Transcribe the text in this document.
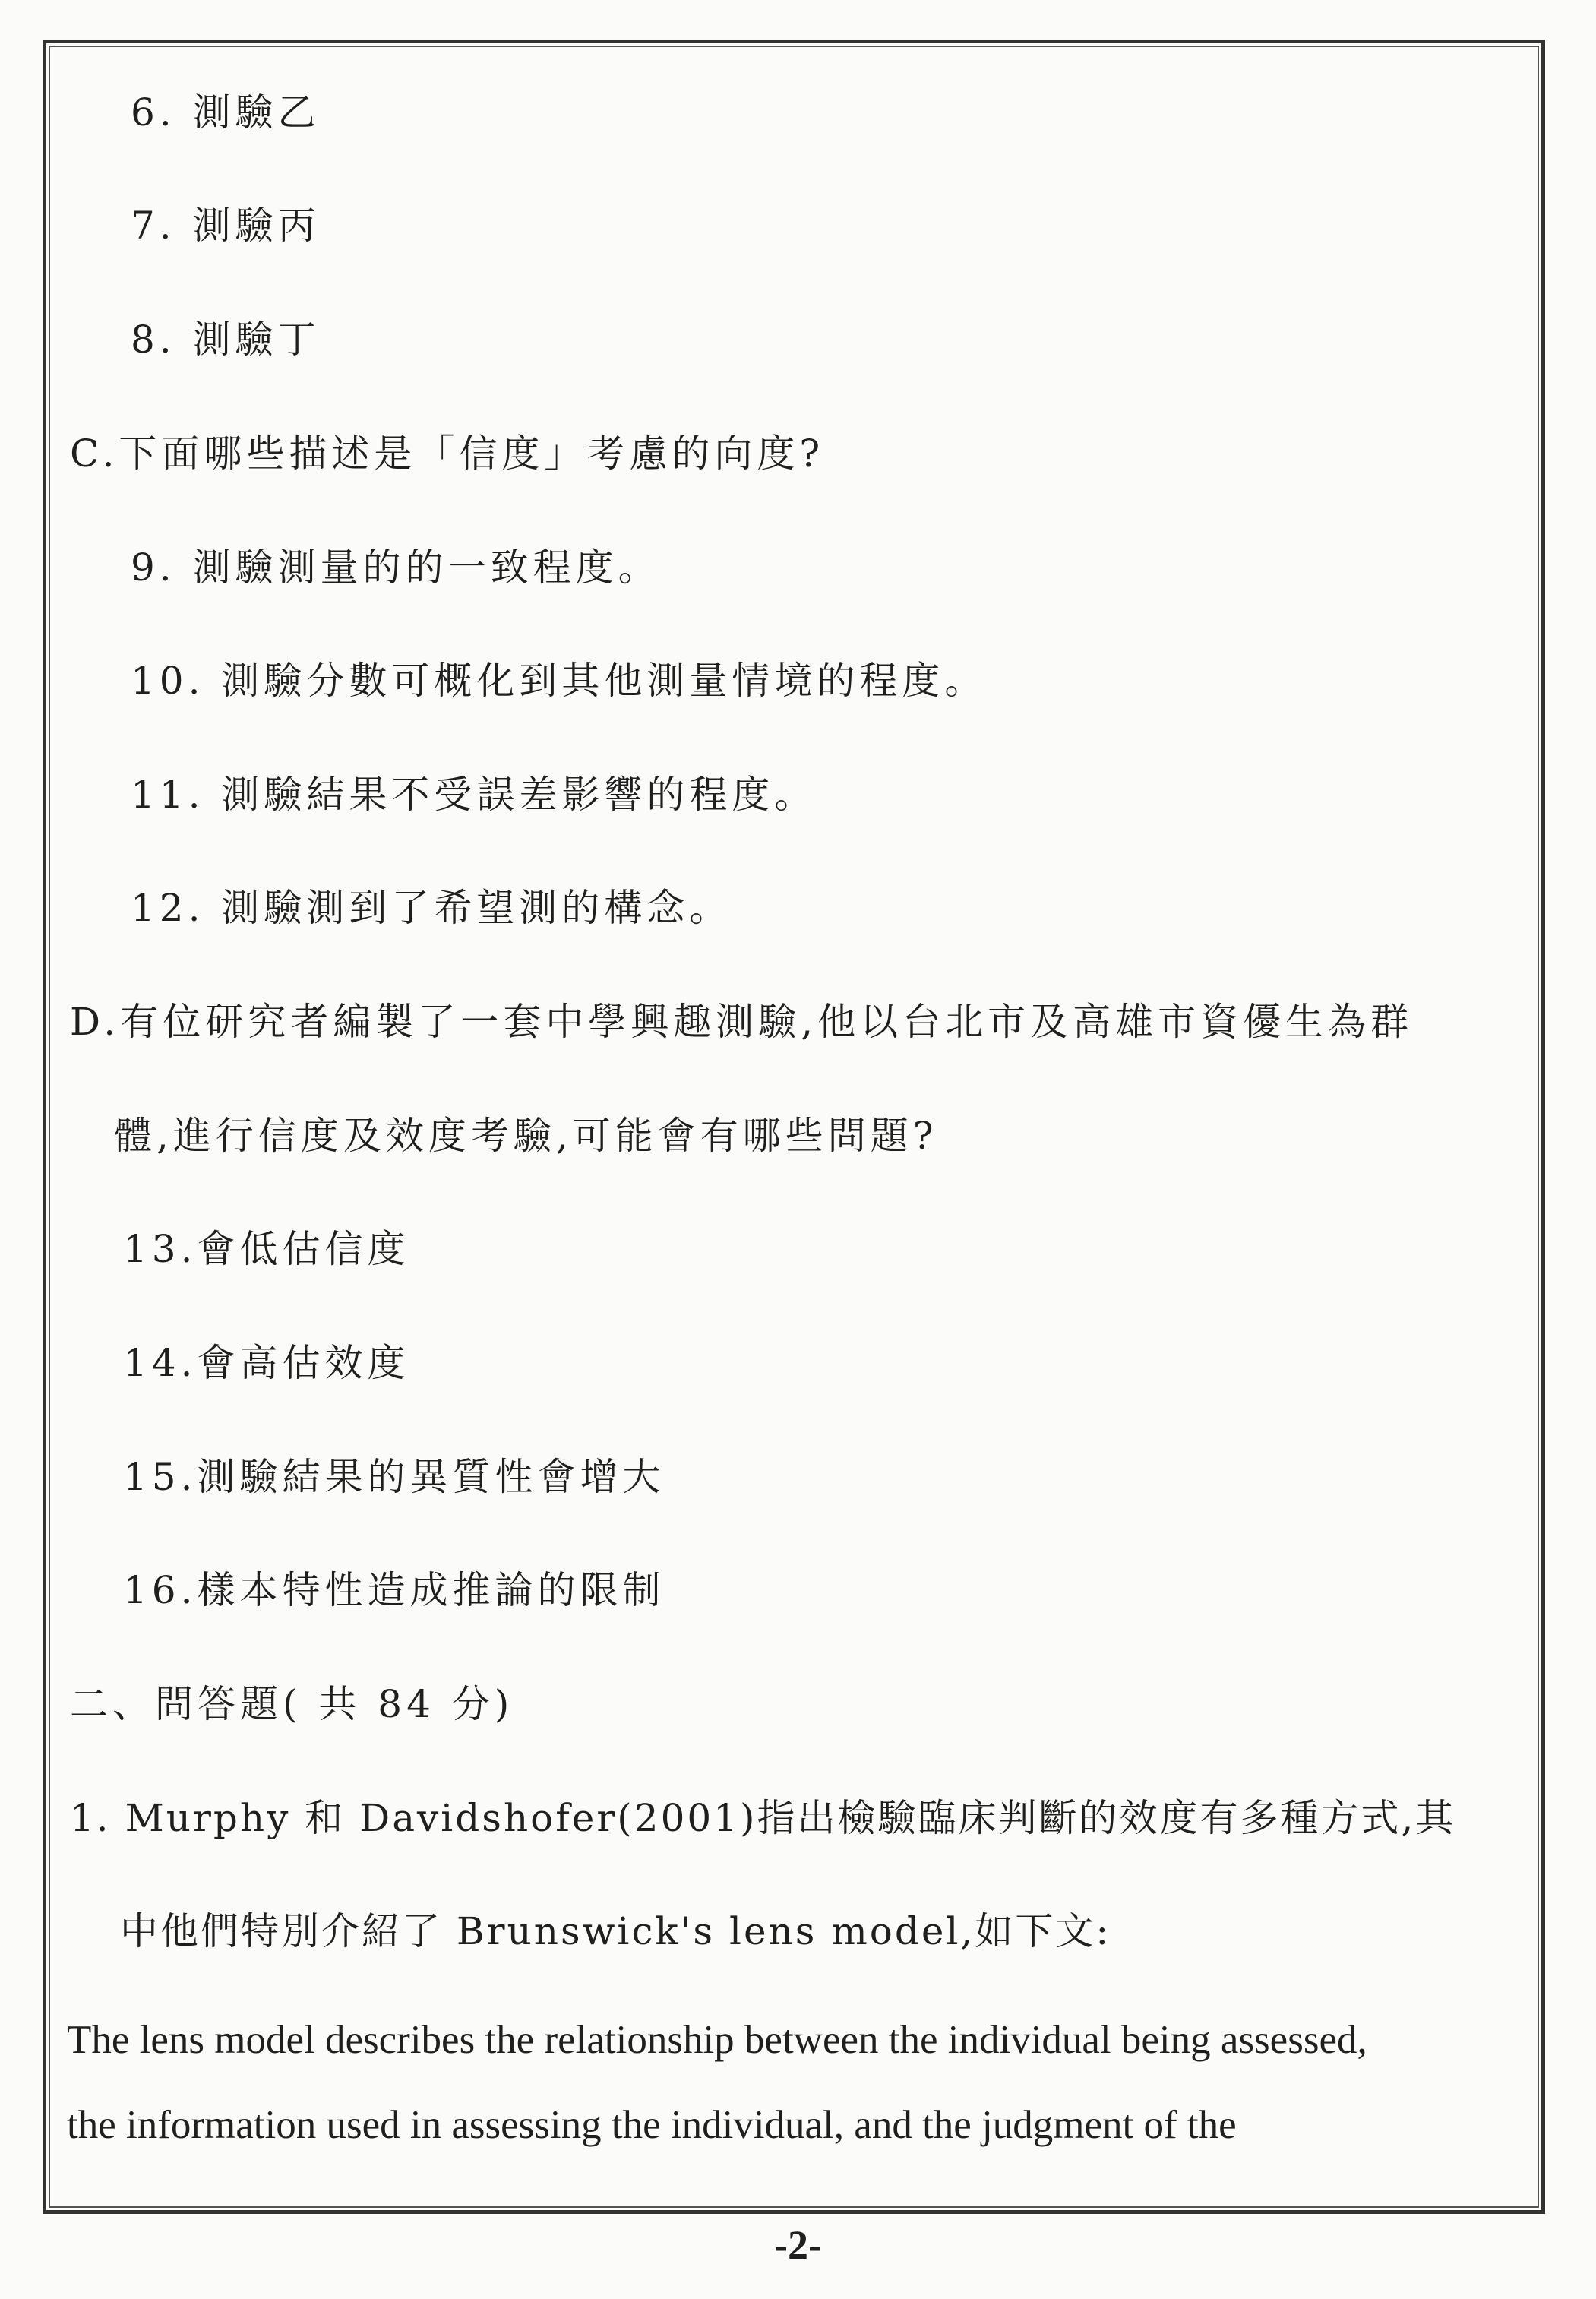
6. 測驗乙
7. 測驗丙
8. 測驗丁
C.下面哪些描述是「信度」考慮的向度?
9. 測驗測量的的一致程度。
10. 測驗分數可概化到其他測量情境的程度。
11. 測驗結果不受誤差影響的程度。
12. 測驗測到了希望測的構念。
D.有位研究者編製了一套中學興趣測驗,他以台北市及高雄市資優生為群
體,進行信度及效度考驗,可能會有哪些問題?
13.會低估信度
14.會高估效度
15.測驗結果的異質性會增大
16.樣本特性造成推論的限制
二、問答題( 共 84 分)
1. Murphy 和 Davidshofer(2001)指出檢驗臨床判斷的效度有多種方式,其
中他們特別介紹了 Brunswick's lens model,如下文:
The lens model describes the relationship between the individual being assessed,
the information used in assessing the individual, and the judgment of the
-2-
